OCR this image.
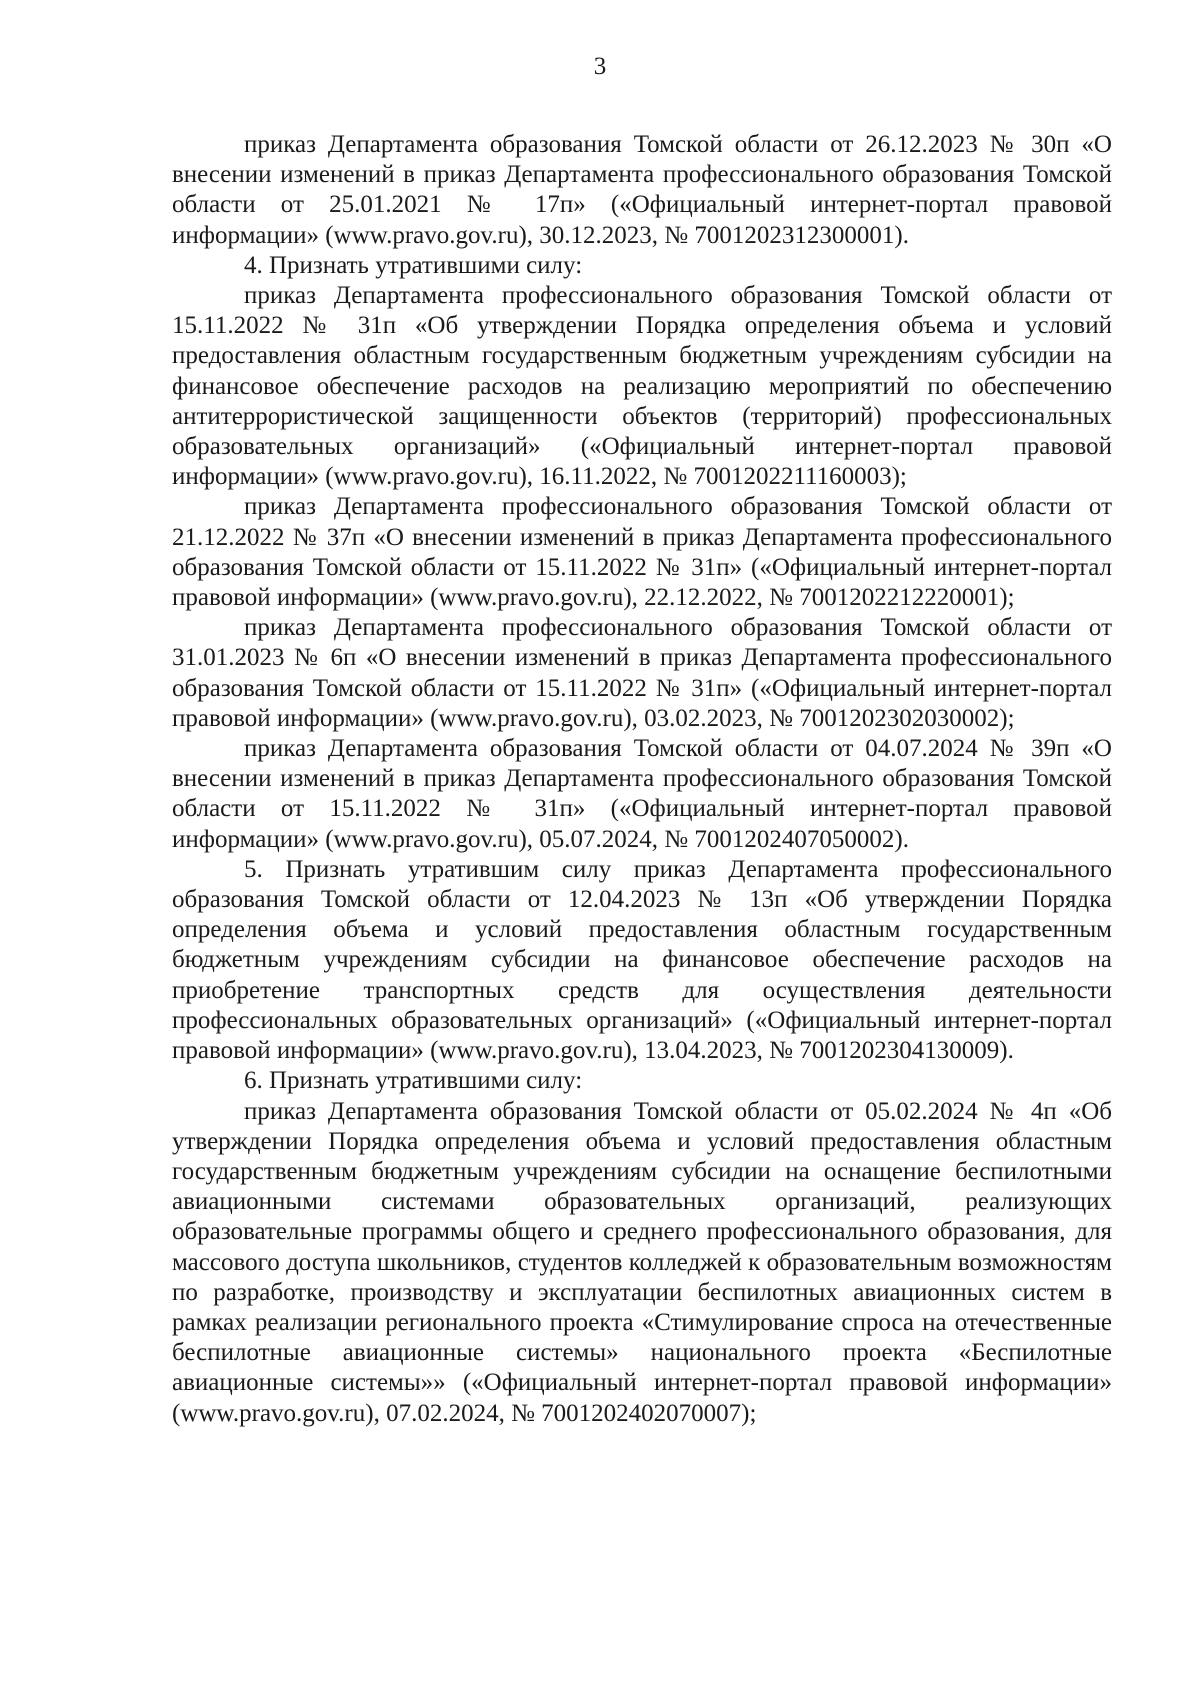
3

приказ Департамента образования Томской области от 26.12.2023 № 30п «О внесении изменений в приказ Департамента профессионального образования Томской области от 25.01.2021 № 17п» («Официальный интернет-портал правовой информации» (www.pravo.gov.ru), 30.12.2023, № 7001202312300001).

4. Признать утратившими силу:

приказ Департамента профессионального образования Томской области от 15.11.2022 № 31п «Об утверждении Порядка определения объема и условий предоставления областным государственным бюджетным учреждениям субсидии на финансовое обеспечение расходов на реализацию мероприятий по обеспечению антитеррористической защищенности объектов (территорий) профессиональных образовательных организаций» («Официальный интернет-портал правовой информации» (www.pravo.gov.ru), 16.11.2022, № 7001202211160003);

приказ Департамента профессионального образования Томской области от 21.12.2022 № 37п «О внесении изменений в приказ Департамента профессионального образования Томской области от 15.11.2022 № 31п» («Официальный интернет-портал правовой информации» (www.pravo.gov.ru), 22.12.2022, № 7001202212220001);

приказ Департамента профессионального образования Томской области от 31.01.2023 № 6п «О внесении изменений в приказ Департамента профессионального образования Томской области от 15.11.2022 № 31п» («Официальный интернет-портал правовой информации» (www.pravo.gov.ru), 03.02.2023, № 7001202302030002);

приказ Департамента образования Томской области от 04.07.2024 № 39п «О внесении изменений в приказ Департамента профессионального образования Томской области от 15.11.2022 № 31п» («Официальный интернет-портал правовой информации» (www.pravo.gov.ru), 05.07.2024, № 7001202407050002).

5. Признать утратившим силу приказ Департамента профессионального образования Томской области от 12.04.2023 № 13п «Об утверждении Порядка определения объема и условий предоставления областным государственным бюджетным учреждениям субсидии на финансовое обеспечение расходов на приобретение транспортных средств для осуществления деятельности профессиональных образовательных организаций» («Официальный интернет-портал правовой информации» (www.pravo.gov.ru), 13.04.2023, № 7001202304130009).

6. Признать утратившими силу:

приказ Департамента образования Томской области от 05.02.2024 № 4п «Об утверждении Порядка определения объема и условий предоставления областным государственным бюджетным учреждениям субсидии на оснащение беспилотными авиационными системами образовательных организаций, реализующих образовательные программы общего и среднего профессионального образования, для массового доступа школьников, студентов колледжей к образовательным возможностям по разработке, производству и эксплуатации беспилотных авиационных систем в рамках реализации регионального проекта «Стимулирование спроса на отечественные беспилотные авиационные системы» национального проекта «Беспилотные авиационные системы»» («Официальный интернет-портал правовой информации» (www.pravo.gov.ru), 07.02.2024, № 7001202402070007);
